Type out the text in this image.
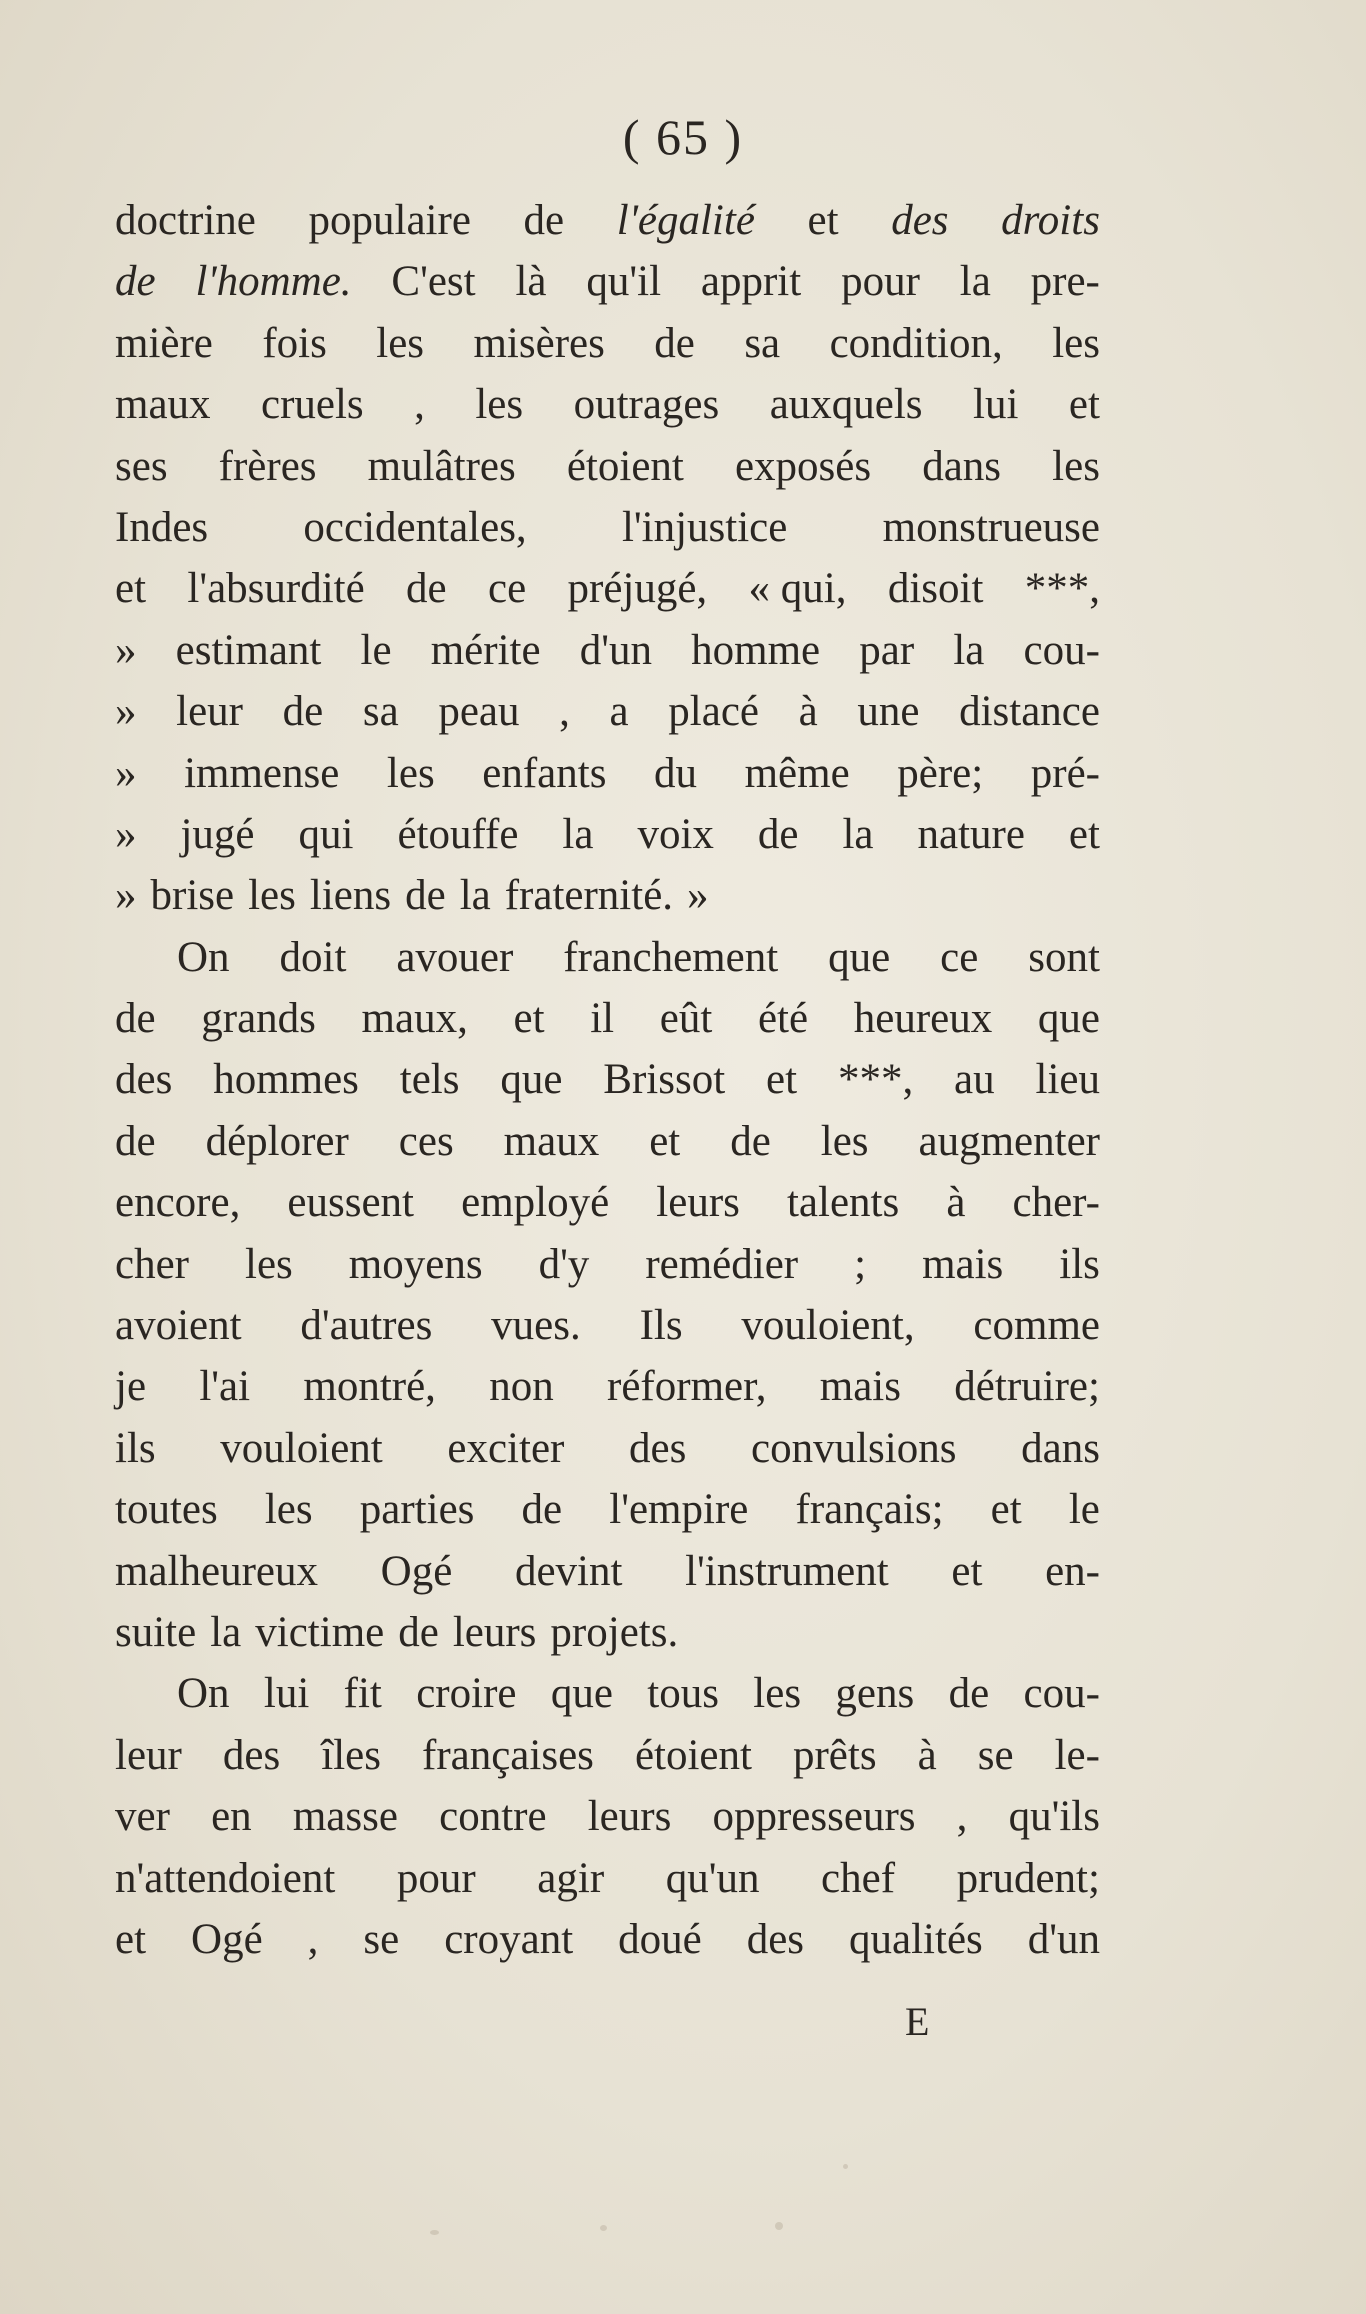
( 65 )
doctrine populaire de l'égalité et des droits
de l'homme. C'est là qu'il apprit pour la pre-
mière fois les misères de sa condition, les
maux cruels , les outrages auxquels lui et
ses frères mulâtres étoient exposés dans les
Indes occidentales, l'injustice monstrueuse
et l'absurdité de ce préjugé, « qui, disoit ***,
» estimant le mérite d'un homme par la cou-
» leur de sa peau , a placé à une distance
» immense les enfants du même père; pré-
» jugé qui étouffe la voix de la nature et
» brise les liens de la fraternité. »
On doit avouer franchement que ce sont
de grands maux, et il eût été heureux que
des hommes tels que Brissot et ***, au lieu
de déplorer ces maux et de les augmenter
encore, eussent employé leurs talents à cher-
cher les moyens d'y remédier ; mais ils
avoient d'autres vues. Ils vouloient, comme
je l'ai montré, non réformer, mais détruire;
ils vouloient exciter des convulsions dans
toutes les parties de l'empire français; et le
malheureux Ogé devint l'instrument et en-
suite la victime de leurs projets.
On lui fit croire que tous les gens de cou-
leur des îles françaises étoient prêts à se le-
ver en masse contre leurs oppresseurs , qu'ils
n'attendoient pour agir qu'un chef prudent;
et Ogé , se croyant doué des qualités d'un
E
